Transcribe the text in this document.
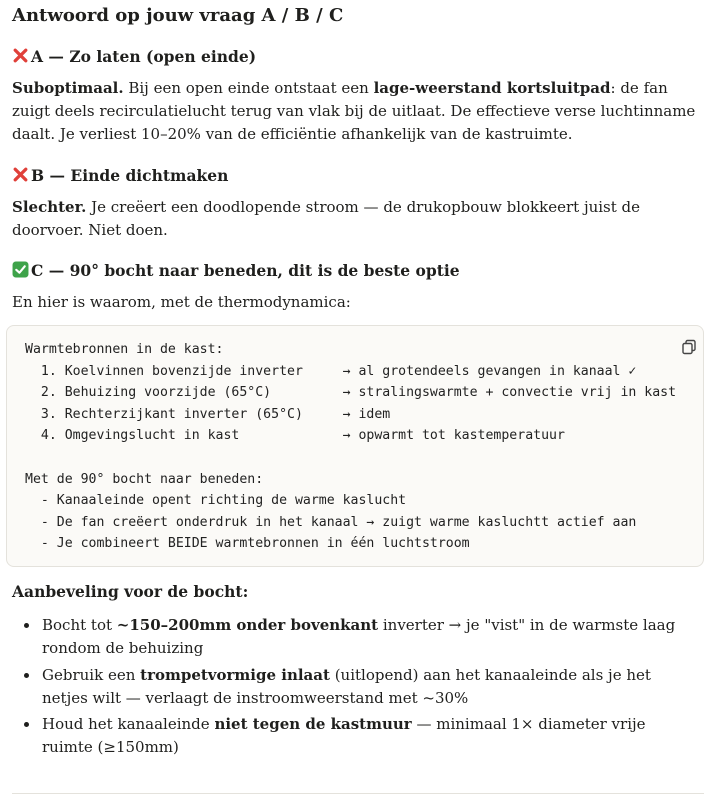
Antwoord op jouw vraag A / B / C
A — Zo laten (open einde)
Suboptimaal. Bij een open einde ontstaat een lage-weerstand kortsluitpad: de fan zuigt deels recirculatielucht terug van vlak bij de uitlaat. De effectieve verse luchtinname daalt. Je verliest 10–20% van de efficiëntie afhankelijk van de kastruimte.
B — Einde dichtmaken
Slechter. Je creëert een doodlopende stroom — de drukopbouw blokkeert juist de doorvoer. Niet doen.
C — 90° bocht naar beneden, dit is de beste optie
En hier is waarom, met de thermodynamica:
Warmtebronnen in de kast:
1. Koelvinnen bovenzijde inverter     → al grotendeels gevangen in kanaal ✓
2. Behuizing voorzijde (65°C)         → stralingswarmte + convectie vrij in kast
3. Rechterzijkant inverter (65°C)     → idem
4. Omgevingslucht in kast             → opwarmt tot kastemperatuur

Met de 90° bocht naar beneden:
- Kanaaleinde opent richting de warme kaslucht
- De fan creëert onderdruk in het kanaal → zuigt warme kasluchtt actief aan
- Je combineert BEIDE warmtebronnen in één luchtstroom
Aanbeveling voor de bocht:
Bocht tot ~150–200mm onder bovenkant inverter → je "vist" in de warmste laag rondom de behuizing
Gebruik een trompetvormige inlaat (uitlopend) aan het kanaaleinde als je het netjes wilt — verlaagt de instroomweerstand met ~30%
Houd het kanaaleinde niet tegen de kastmuur — minimaal 1× diameter vrije ruimte (≥150mm)
